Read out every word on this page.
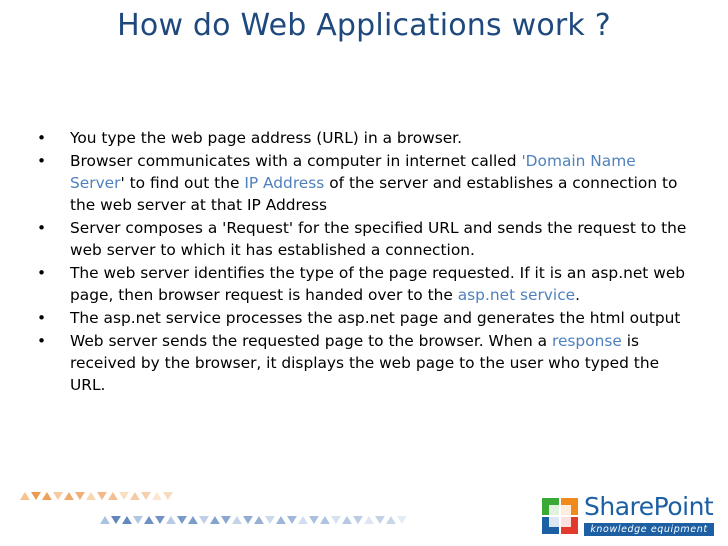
How do Web Applications work ?
• You type the web page address (URL) in a browser.
• Browser communicates with a computer in internet called 'Domain Name Server' to find out the IP Address of the server and establishes a connection to the web server at that IP Address
• Server composes a 'Request' for the specified URL and sends the request to the web server to which it has established a connection.
• The web server identifies the type of the page requested. If it is an asp.net web page, then browser request is handed over to the asp.net service.
• The asp.net service processes the asp.net page and generates the html output
• Web server sends the requested page to the browser. When a response is received by the browser, it displays the web page to the user who typed the URL.
SharePoint
knowledge equipment
